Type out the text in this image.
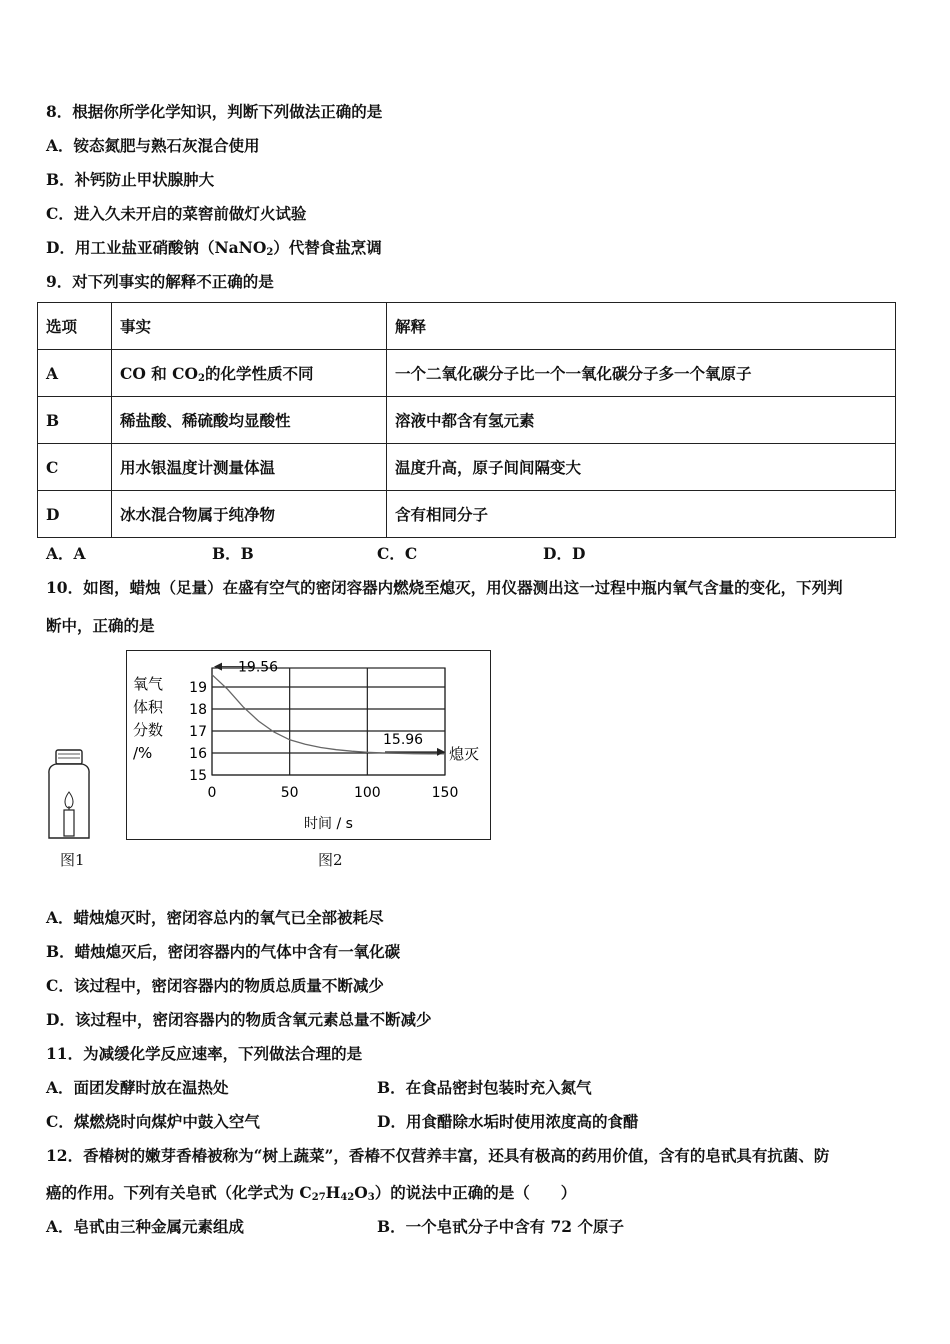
8．根据你所学化学知识，判断下列做法正确的是
A．铵态氮肥与熟石灰混合使用
B．补钙防止甲状腺肿大
C．进入久未开启的菜窖前做灯火试验
D．用工业盐亚硝酸钠（NaNO$_2$）代替食盐烹调
9．对下列事实的解释不正确的是
选项	事实	解释
A	CO 和 $CO_2$的化学性质不同	一个二氧化碳分子比一个一氧化碳分子多一个氧原子
B	稀盐酸、稀硫酸均显酸性	溶液中都含有氢元素
C	用水银温度计测量体温	温度升高，原子间间隔变大
D	冰水混合物属于纯净物	含有相同分子
A．A	B．B	C．C	D．D
10．如图，蜡烛（足量）在盛有空气的密闭容器内燃烧至熄灭，用仪器测出这一过程中瓶内氧气含量的变化，下列判
断中，正确的是
图1
氧气
体积
分数
/%
15
16
17
18
19
0	50	100	150
19.56
15.96
熄灭
时间 / s
图2
A．蜡烛熄灭时，密闭容总内的氧气已全部被耗尽
B．蜡烛熄灭后，密闭容器内的气体中含有一氧化碳
C．该过程中，密闭容器内的物质总质量不断减少
D．该过程中，密闭容器内的物质含氧元素总量不断减少
11．为减缓化学反应速率，下列做法合理的是
A．面团发酵时放在温热处	B．在食品密封包装时充入氮气
C．煤燃烧时向煤炉中鼓入空气	D．用食醋除水垢时使用浓度高的食醋
12．香椿树的嫩芽香椿被称为“树上蔬菜”，香椿不仅营养丰富，还具有极高的药用价值，含有的皂甙具有抗菌、防
癌的作用。下列有关皂甙（化学式为 $C_{27}H_{42}O_3$）的说法中正确的是（　　）
A．皂甙由三种金属元素组成	B．一个皂甙分子中含有 72 个原子
